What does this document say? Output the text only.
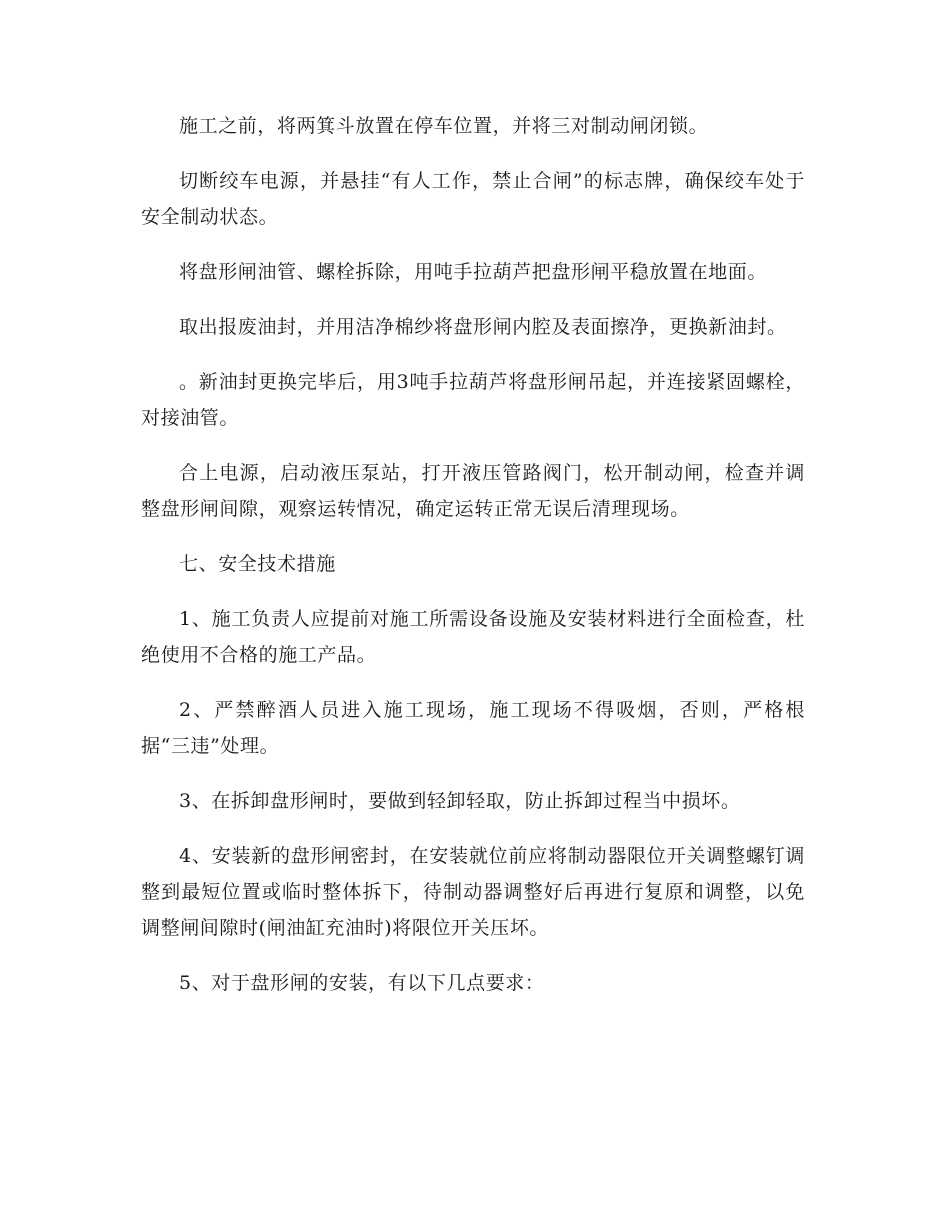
施工之前，将两箕斗放置在停车位置，并将三对制动闸闭锁。

切断绞车电源，并悬挂“有人工作，禁止合闸”的标志牌，确保绞车处于安全制动状态。

将盘形闸油管、螺栓拆除，用吨手拉葫芦把盘形闸平稳放置在地面。

取出报废油封，并用洁净棉纱将盘形闸内腔及表面擦净，更换新油封。

。新油封更换完毕后，用3吨手拉葫芦将盘形闸吊起，并连接紧固螺栓，对接油管。

合上电源，启动液压泵站，打开液压管路阀门，松开制动闸，检查并调整盘形闸间隙，观察运转情况，确定运转正常无误后清理现场。

七、安全技术措施

1、施工负责人应提前对施工所需设备设施及安装材料进行全面检查，杜绝使用不合格的施工产品。

2、严禁醉酒人员进入施工现场，施工现场不得吸烟，否则，严格根据“三违”处理。

3、在拆卸盘形闸时，要做到轻卸轻取，防止拆卸过程当中损坏。

4、安装新的盘形闸密封，在安装就位前应将制动器限位开关调整螺钉调整到最短位置或临时整体拆下，待制动器调整好后再进行复原和调整，以免调整闸间隙时(闸油缸充油时)将限位开关压坏。

5、对于盘形闸的安装，有以下几点要求：
